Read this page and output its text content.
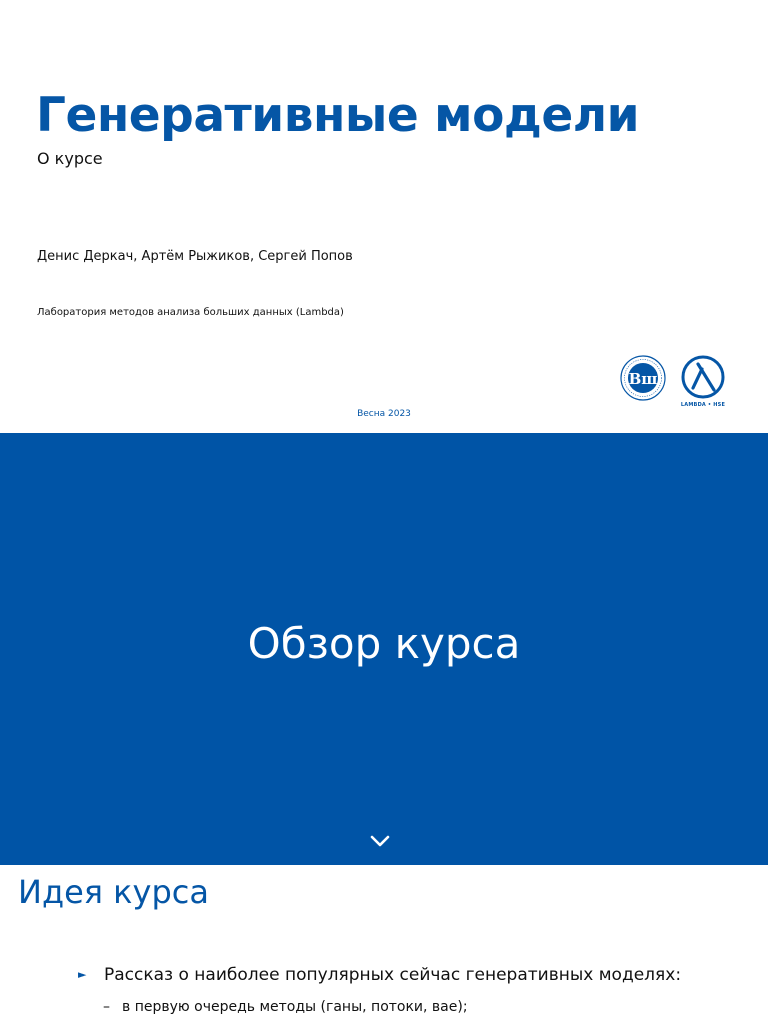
Генеративные модели
О курсе
Денис Деркач, Артём Рыжиков, Сергей Попов
Лаборатория методов анализа больших данных (Lambda)
Вш
LAMBDA • HSE
Весна 2023
Обзор курса
Идея курса
► Рассказ о наиболее популярных сейчас генеративных моделях:
– в первую очередь методы (ганы, потоки, вае);
